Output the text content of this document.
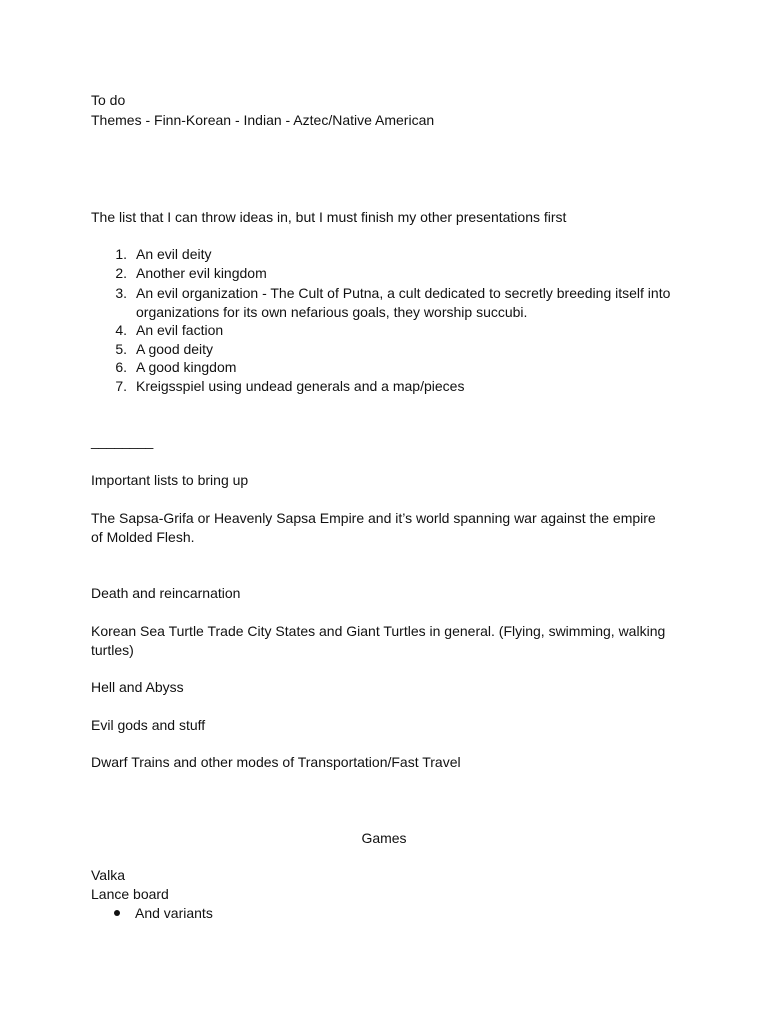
To do
Themes - Finn-Korean - Indian - Aztec/Native American
The list that I can throw ideas in, but I must finish my other presentations first
1. An evil deity
2. Another evil kingdom
3. An evil organization - The Cult of Putna, a cult dedicated to secretly breeding itself into organizations for its own nefarious goals, they worship succubi.
4. An evil faction
5. A good deity
6. A good kingdom
7. Kreigsspiel using undead generals and a map/pieces
________
Important lists to bring up
The Sapsa-Grifa or Heavenly Sapsa Empire and it’s world spanning war against the empire of Molded Flesh.
Death and reincarnation
Korean Sea Turtle Trade City States and Giant Turtles in general. (Flying, swimming, walking turtles)
Hell and Abyss
Evil gods and stuff
Dwarf Trains and other modes of Transportation/Fast Travel
Games
Valka
Lance board
And variants
